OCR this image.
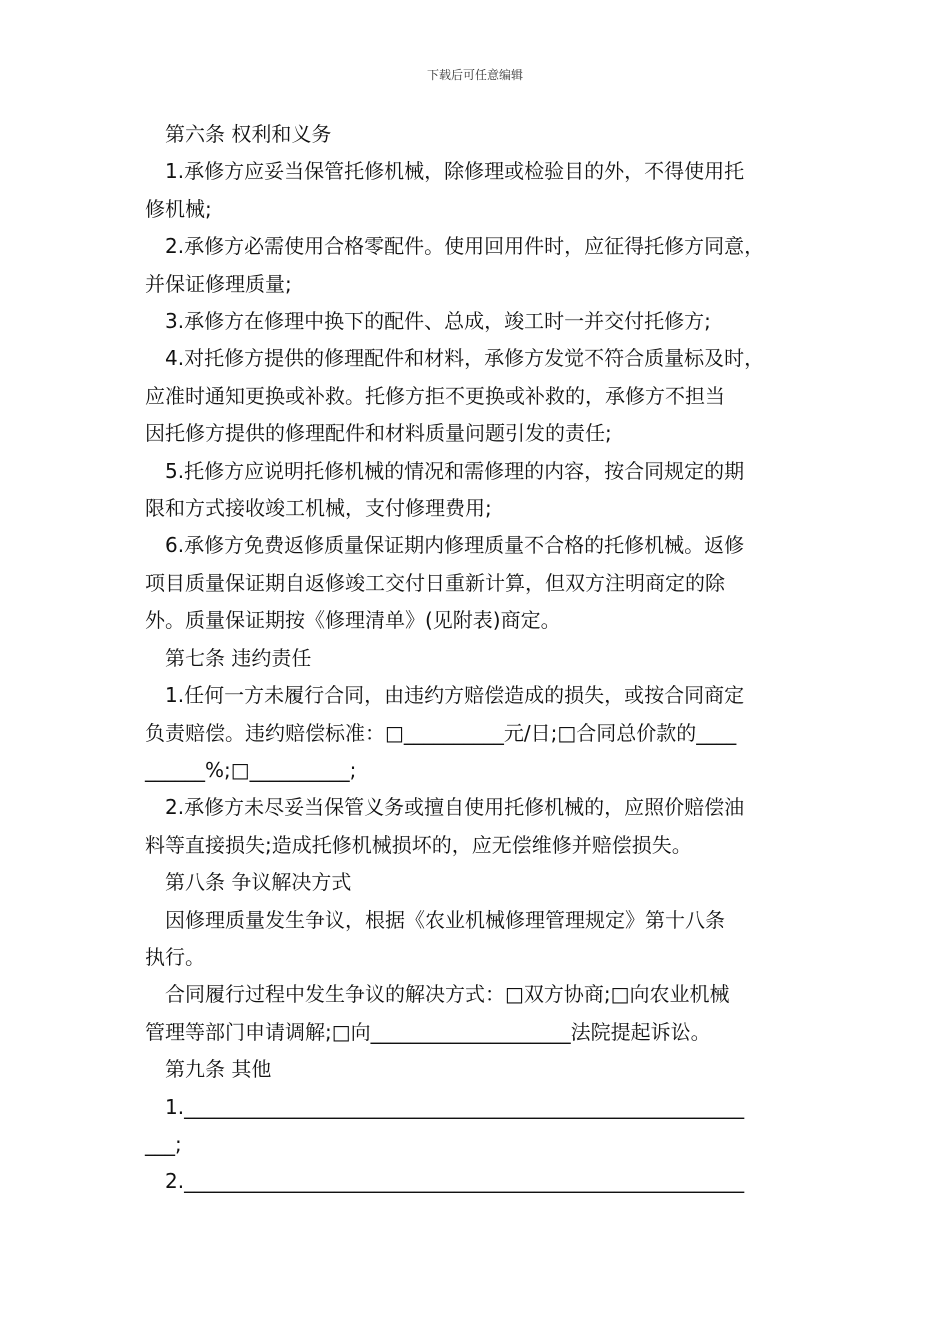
下载后可任意编辑

第六条 权利和义务

1.承修方应妥当保管托修机械，除修理或检验目的外，不得使用托

修机械;

2.承修方必需使用合格零配件。使用回用件时，应征得托修方同意，

并保证修理质量;

3.承修方在修理中换下的配件、总成，竣工时一并交付托修方;

4.对托修方提供的修理配件和材料，承修方发觉不符合质量标及时，

应准时通知更换或补救。托修方拒不更换或补救的，承修方不担当

因托修方提供的修理配件和材料质量问题引发的责任;

5.托修方应说明托修机械的情况和需修理的内容，按合同规定的期

限和方式接收竣工机械，支付修理费用;

6.承修方免费返修质量保证期内修理质量不合格的托修机械。返修

项目质量保证期自返修竣工交付日重新计算，但双方注明商定的除

外。质量保证期按《修理清单》(见附表)商定。

第七条 违约责任

1.任何一方未履行合同，由违约方赔偿造成的损失，或按合同商定

负责赔偿。违约赔偿标准：□__________元/日;□合同总价款的____

______%;□__________;

2.承修方未尽妥当保管义务或擅自使用托修机械的，应照价赔偿油

料等直接损失;造成托修机械损坏的，应无偿维修并赔偿损失。

第八条 争议解决方式

因修理质量发生争议，根据《农业机械修理管理规定》第十八条

执行。

合同履行过程中发生争议的解决方式：□双方协商;□向农业机械

管理等部门申请调解;□向____________________法院提起诉讼。

第九条 其他

1.________________________________________________________

___;

2.________________________________________________________
